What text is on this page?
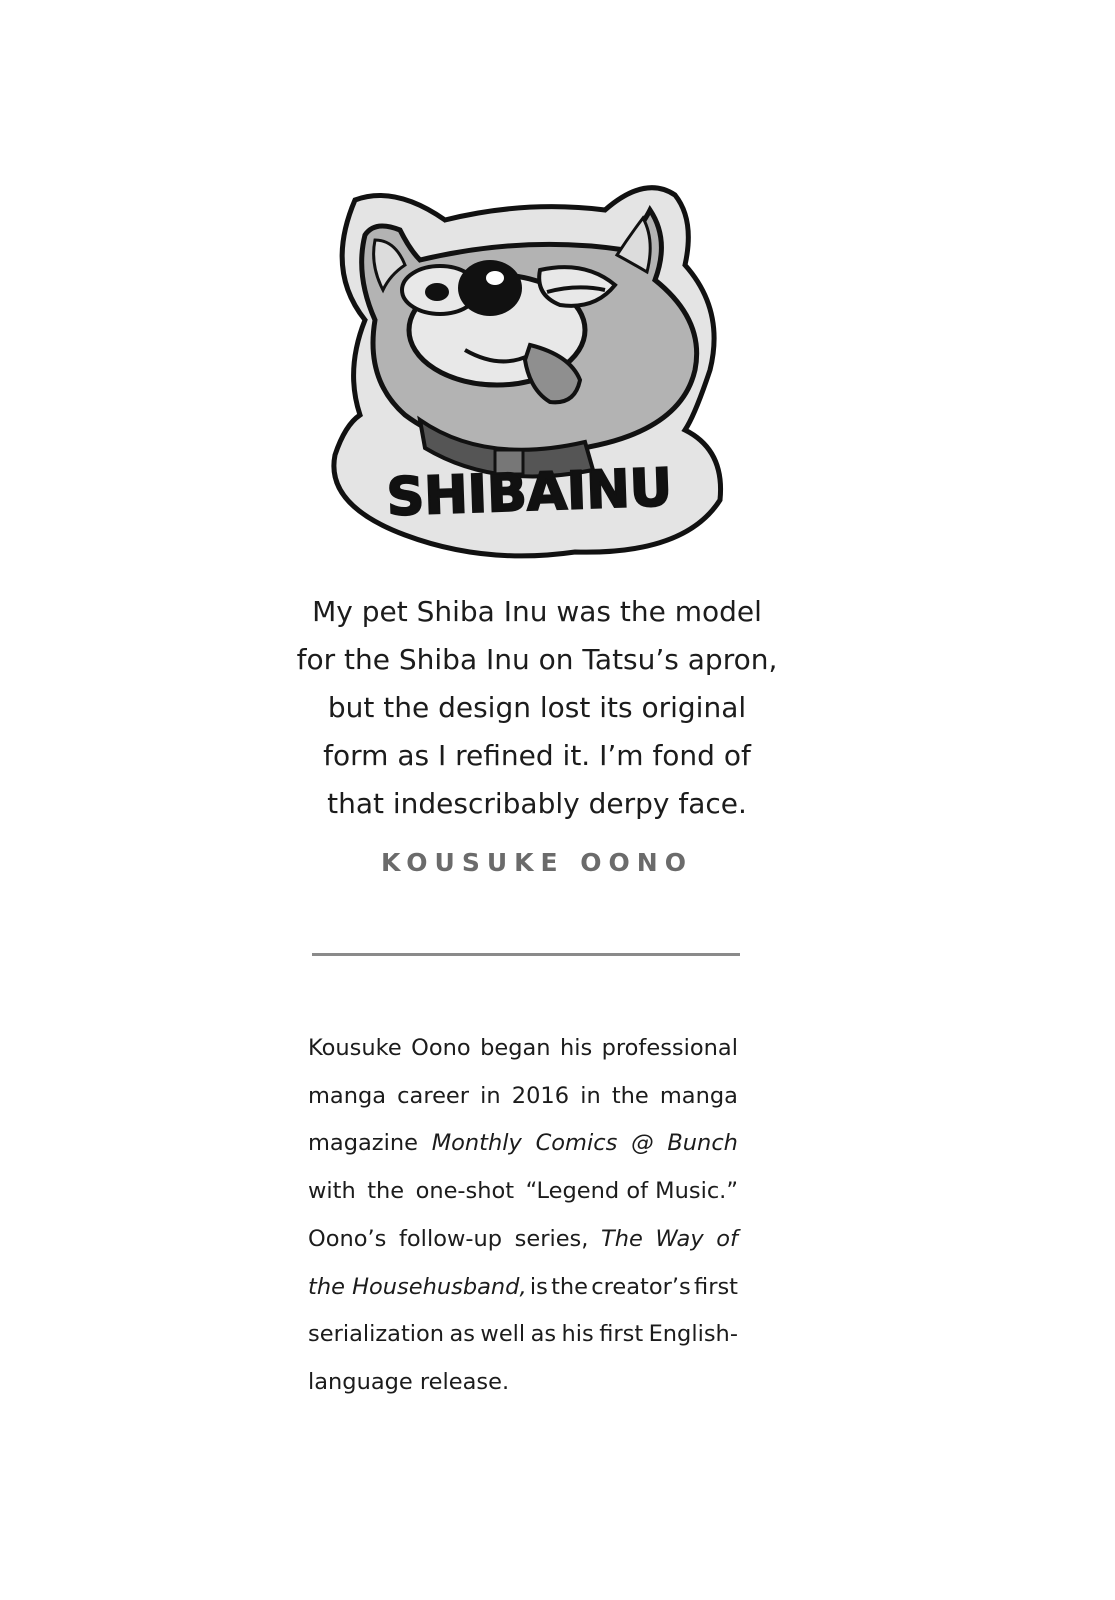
SHIBAINU
My pet Shiba Inu was the model
for the Shiba Inu on Tatsu’s apron,
but the design lost its original
form as I refined it. I’m fond of
that indescribably derpy face.
KOUSUKE OONO
Kousuke Oono began his professional
manga career in 2016 in the manga
magazine Monthly Comics @ Bunch
with the one-shot “Legend of Music.”
Oono’s follow-up series, The Way of
the Househusband, is the creator’s first
serialization as well as his first English-
language release.
